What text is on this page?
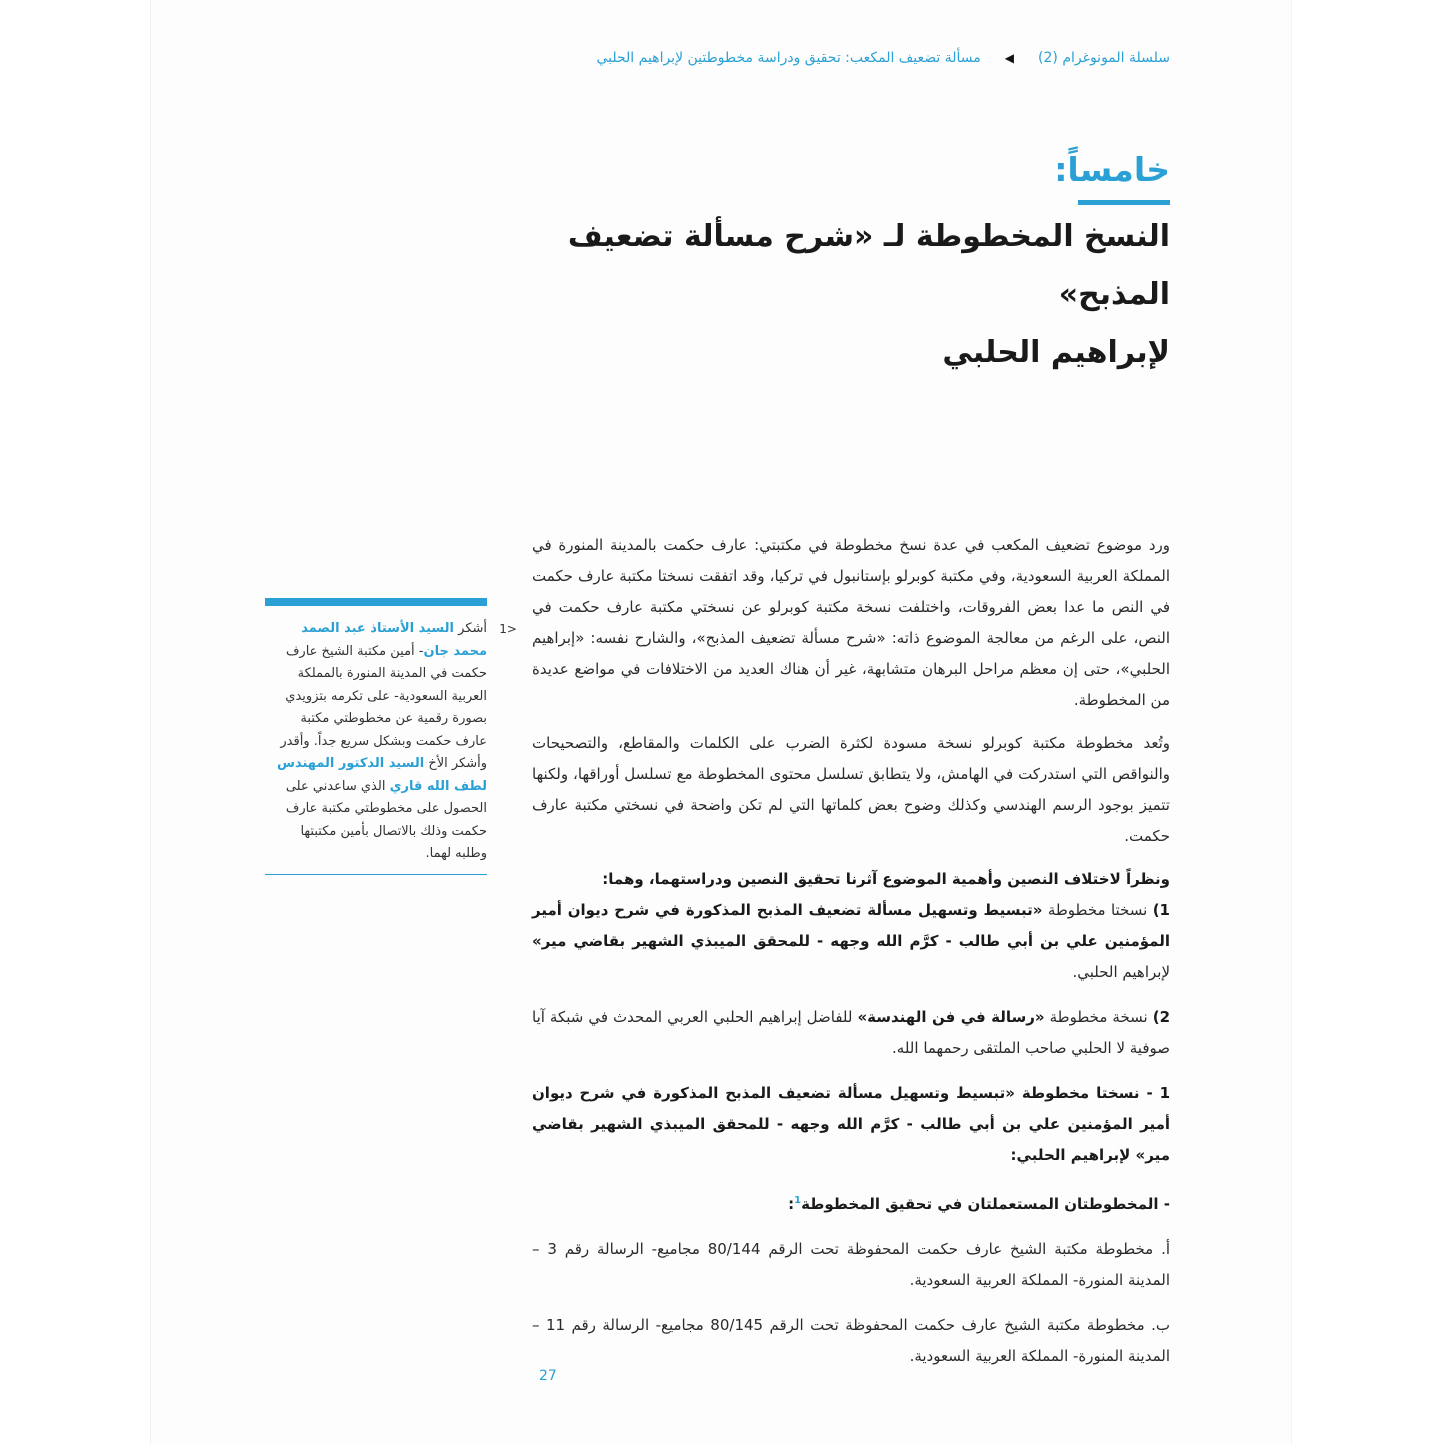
سلسلة المونوغرام (2)◀مسألة تضعيف المكعب: تحقيق ودراسة مخطوطتين لإبراهيم الحلبي
خامساً:
النسخ المخطوطة لـ «شرح مسألة تضعيف المذبح»
لإبراهيم الحلبي

ورد موضوع تضعيف المكعب في عدة نسخ مخطوطة في مكتبتي: عارف حكمت بالمدينة المنورة في المملكة العربية السعودية، وفي مكتبة كوبرلو بإستانبول في تركيا، وقد اتفقت نسختا مكتبة عارف حكمت في النص ما عدا بعض الفروقات، واختلفت نسخة مكتبة كوبرلو عن نسختي مكتبة عارف حكمت في النص، على الرغم من معالجة الموضوع ذاته: «شرح مسألة تضعيف المذبح»، والشارح نفسه: «إبراهيم الحلبي»، حتى إن معظم مراحل البرهان متشابهة، غير أن هناك العديد من الاختلافات في مواضع عديدة من المخطوطة.

وتُعد مخطوطة مكتبة كوبرلو نسخة مسودة لكثرة الضرب على الكلمات والمقاطع، والتصحيحات والنواقص التي استدركت في الهامش، ولا يتطابق تسلسل محتوى المخطوطة مع تسلسل أوراقها، ولكنها تتميز بوجود الرسم الهندسي وكذلك وضوح بعض كلماتها التي لم تكن واضحة في نسختي مكتبة عارف حكمت.

ونظراً لاختلاف النصين وأهمية الموضوع آثرنا تحقيق النصين ودراستهما، وهما:
1) نسختا مخطوطة «تبسيط وتسهيل مسألة تضعيف المذبح المذكورة في شرح ديوان أمير المؤمنين علي بن أبي طالب - كرَّم الله وجهه - للمحقق الميبذي الشهير بقاضي مير» لإبراهيم الحلبي.

2) نسخة مخطوطة «رسالة في فن الهندسة» للفاضل إبراهيم الحلبي العربي المحدث في شبكة آيا صوفية لا الحلبي صاحب الملتقى رحمهما الله.

1 - نسختا مخطوطة «تبسيط وتسهيل مسألة تضعيف المذبح المذكورة في شرح ديوان أمير المؤمنين علي بن أبي طالب - كرَّم الله وجهه - للمحقق الميبذي الشهير بقاضي مير» لإبراهيم الحلبي:

- المخطوطتان المستعملتان في تحقيق المخطوطة$^1$:

أ. مخطوطة مكتبة الشيخ عارف حكمت المحفوظة تحت الرقم 80/144 مجاميع- الرسالة رقم 3 – المدينة المنورة- المملكة العربية السعودية.

ب. مخطوطة مكتبة الشيخ عارف حكمت المحفوظة تحت الرقم 80/145 مجاميع- الرسالة رقم 11 – المدينة المنورة- المملكة العربية السعودية.

1>
أشكر السيد الأستاذ عبد الصمد محمد جان- أمين مكتبة الشيخ عارف حكمت في المدينة المنورة بالمملكة العربية السعودية- على تكرمه بتزويدي بصورة رقمية عن مخطوطتي مكتبة عارف حكمت وبشكل سريع جداً. وأقدر وأشكر الأخ السيد الدكتور المهندس لطف الله قاري الذي ساعدني على الحصول على مخطوطتي مكتبة عارف حكمت وذلك بالاتصال بأمين مكتبتها وطلبه لهما.
27
